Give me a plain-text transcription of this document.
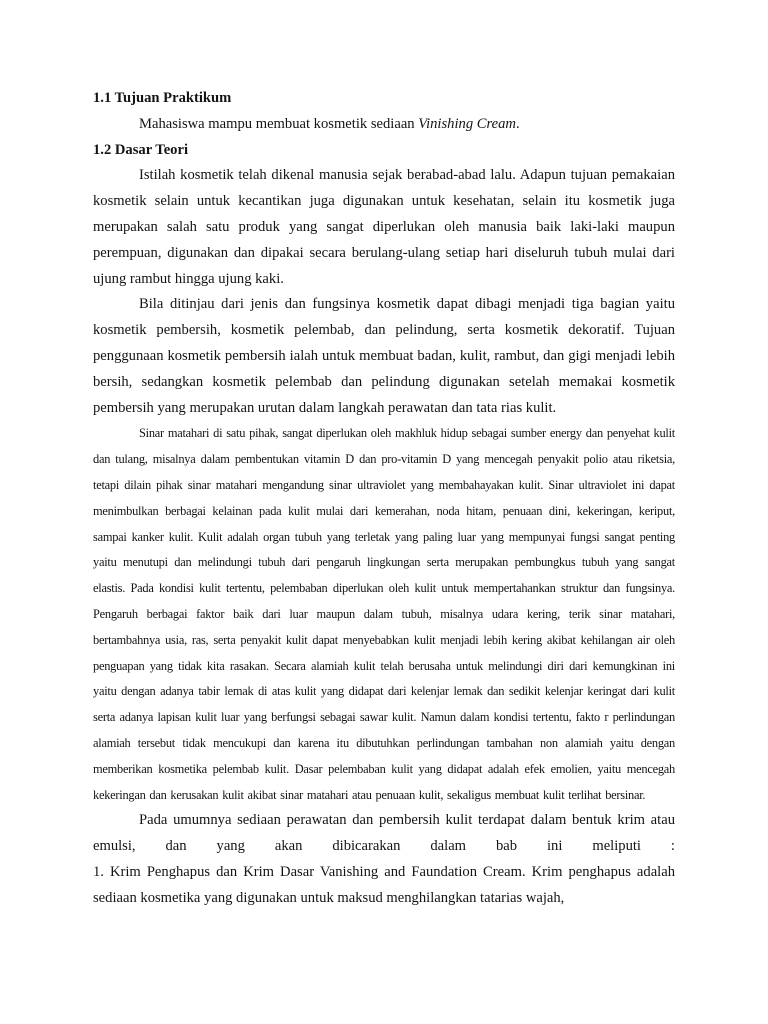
1.1 Tujuan Praktikum

Mahasiswa mampu membuat kosmetik sediaan Vinishing Cream.

1.2 Dasar Teori

Istilah kosmetik telah dikenal manusia sejak berabad-abad lalu. Adapun tujuan pemakaian kosmetik selain untuk kecantikan juga digunakan untuk kesehatan, selain itu kosmetik juga merupakan salah satu produk yang sangat diperlukan oleh manusia baik laki-laki maupun perempuan, digunakan dan dipakai secara berulang-ulang setiap hari diseluruh tubuh mulai dari ujung rambut hingga ujung kaki.

Bila ditinjau dari jenis dan fungsinya kosmetik dapat dibagi menjadi tiga bagian yaitu kosmetik pembersih, kosmetik pelembab, dan pelindung, serta kosmetik dekoratif. Tujuan penggunaan kosmetik pembersih ialah untuk membuat badan, kulit, rambut, dan gigi menjadi lebih bersih, sedangkan kosmetik pelembab dan pelindung digunakan setelah memakai kosmetik pembersih yang merupakan urutan dalam langkah perawatan dan tata rias kulit.

Sinar matahari di satu pihak, sangat diperlukan oleh makhluk hidup sebagai sumber energy dan penyehat kulit dan tulang, misalnya dalam pembentukan vitamin D dan pro-vitamin D yang mencegah penyakit polio atau riketsia, tetapi dilain pihak sinar matahari mengandung sinar ultraviolet yang membahayakan kulit. Sinar ultraviolet ini dapat menimbulkan berbagai kelainan pada kulit mulai dari kemerahan, noda hitam, penuaan dini, kekeringan, keriput, sampai kanker kulit. Kulit adalah organ tubuh yang terletak yang paling luar yang mempunyai fungsi sangat penting yaitu menutupi dan melindungi tubuh dari pengaruh lingkungan serta merupakan pembungkus tubuh yang sangat elastis. Pada kondisi kulit tertentu, pelembaban diperlukan oleh kulit untuk mempertahankan struktur dan fungsinya. Pengaruh berbagai faktor baik dari luar maupun dalam tubuh, misalnya udara kering, terik sinar matahari, bertambahnya usia, ras, serta penyakit kulit dapat menyebabkan kulit menjadi lebih kering akibat kehilangan air oleh penguapan yang tidak kita rasakan. Secara alamiah kulit telah berusaha untuk melindungi diri dari kemungkinan ini yaitu dengan adanya tabir lemak di atas kulit yang didapat dari kelenjar lemak dan sedikit kelenjar keringat dari kulit serta adanya lapisan kulit luar yang berfungsi sebagai sawar kulit. Namun dalam kondisi tertentu, fakto r perlindungan alamiah tersebut tidak mencukupi dan karena itu dibutuhkan perlindungan tambahan non alamiah yaitu dengan memberikan kosmetika pelembab kulit. Dasar pelembaban kulit yang didapat adalah efek emolien, yaitu mencegah kekeringan dan kerusakan kulit akibat sinar matahari atau penuaan kulit, sekaligus membuat kulit terlihat bersinar.

Pada umumnya sediaan perawatan dan pembersih kulit terdapat dalam bentuk krim atau emulsi, dan yang akan dibicarakan dalam bab ini meliputi :

1. Krim Penghapus dan Krim Dasar Vanishing and Faundation Cream. Krim penghapus adalah sediaan kosmetika yang digunakan untuk maksud menghilangkan tatarias wajah,
